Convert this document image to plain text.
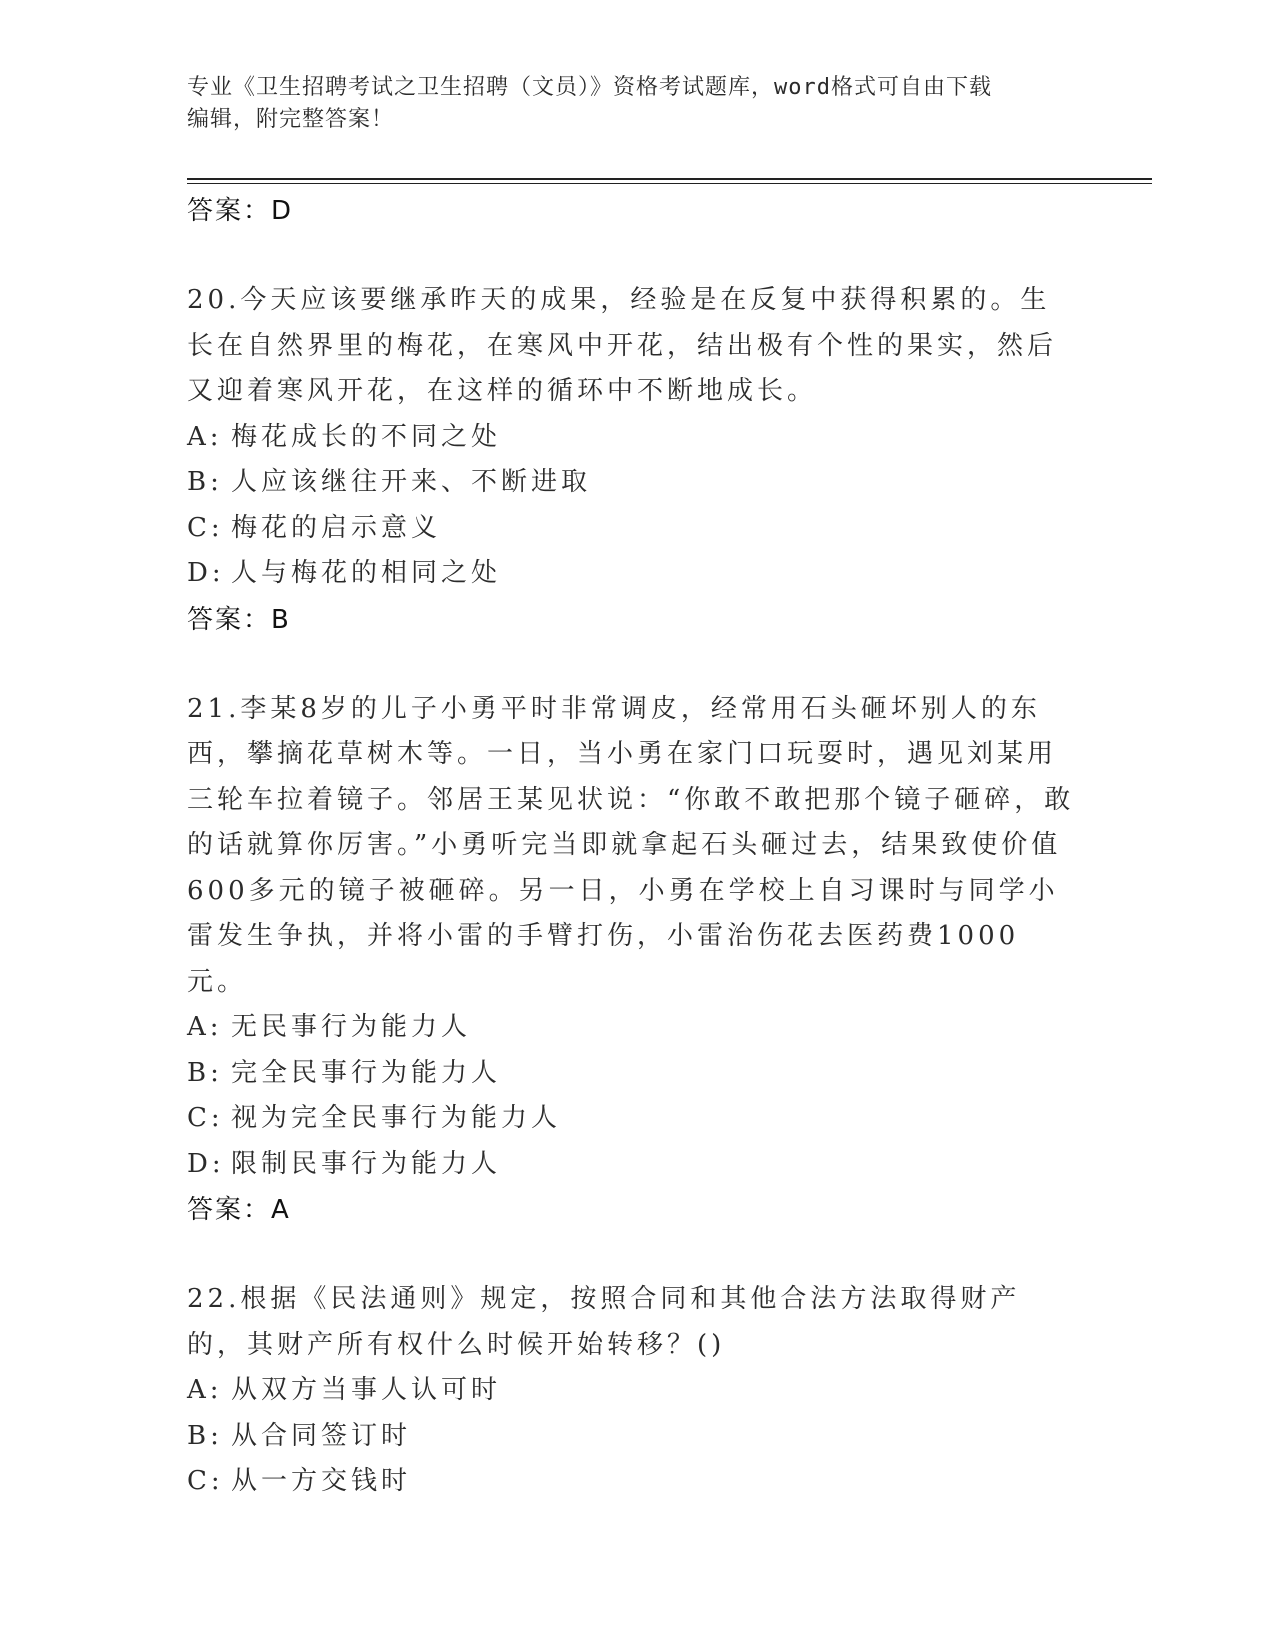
专业《卫生招聘考试之卫生招聘（文员）》资格考试题库，word格式可自由下载
编辑，附完整答案！
答案：D
20.今天应该要继承昨天的成果，经验是在反复中获得积累的。生长在自然界里的梅花，在寒风中开花，结出极有个性的果实，然后又迎着寒风开花，在这样的循环中不断地成长。
A: 梅花成长的不同之处
B: 人应该继往开来、不断进取
C: 梅花的启示意义
D: 人与梅花的相同之处
答案：B
21.李某8岁的儿子小勇平时非常调皮，经常用石头砸坏别人的东西，攀摘花草树木等。一日，当小勇在家门口玩耍时，遇见刘某用三轮车拉着镜子。邻居王某见状说：“你敢不敢把那个镜子砸碎，敢的话就算你厉害。”小勇听完当即就拿起石头砸过去，结果致使价值600多元的镜子被砸碎。另一日，小勇在学校上自习课时与同学小雷发生争执，并将小雷的手臂打伤，小雷治伤花去医药费1000元。
A: 无民事行为能力人
B: 完全民事行为能力人
C: 视为完全民事行为能力人
D: 限制民事行为能力人
答案：A
22.根据《民法通则》规定，按照合同和其他合法方法取得财产的，其财产所有权什么时候开始转移？()
A: 从双方当事人认可时
B: 从合同签订时
C: 从一方交钱时
